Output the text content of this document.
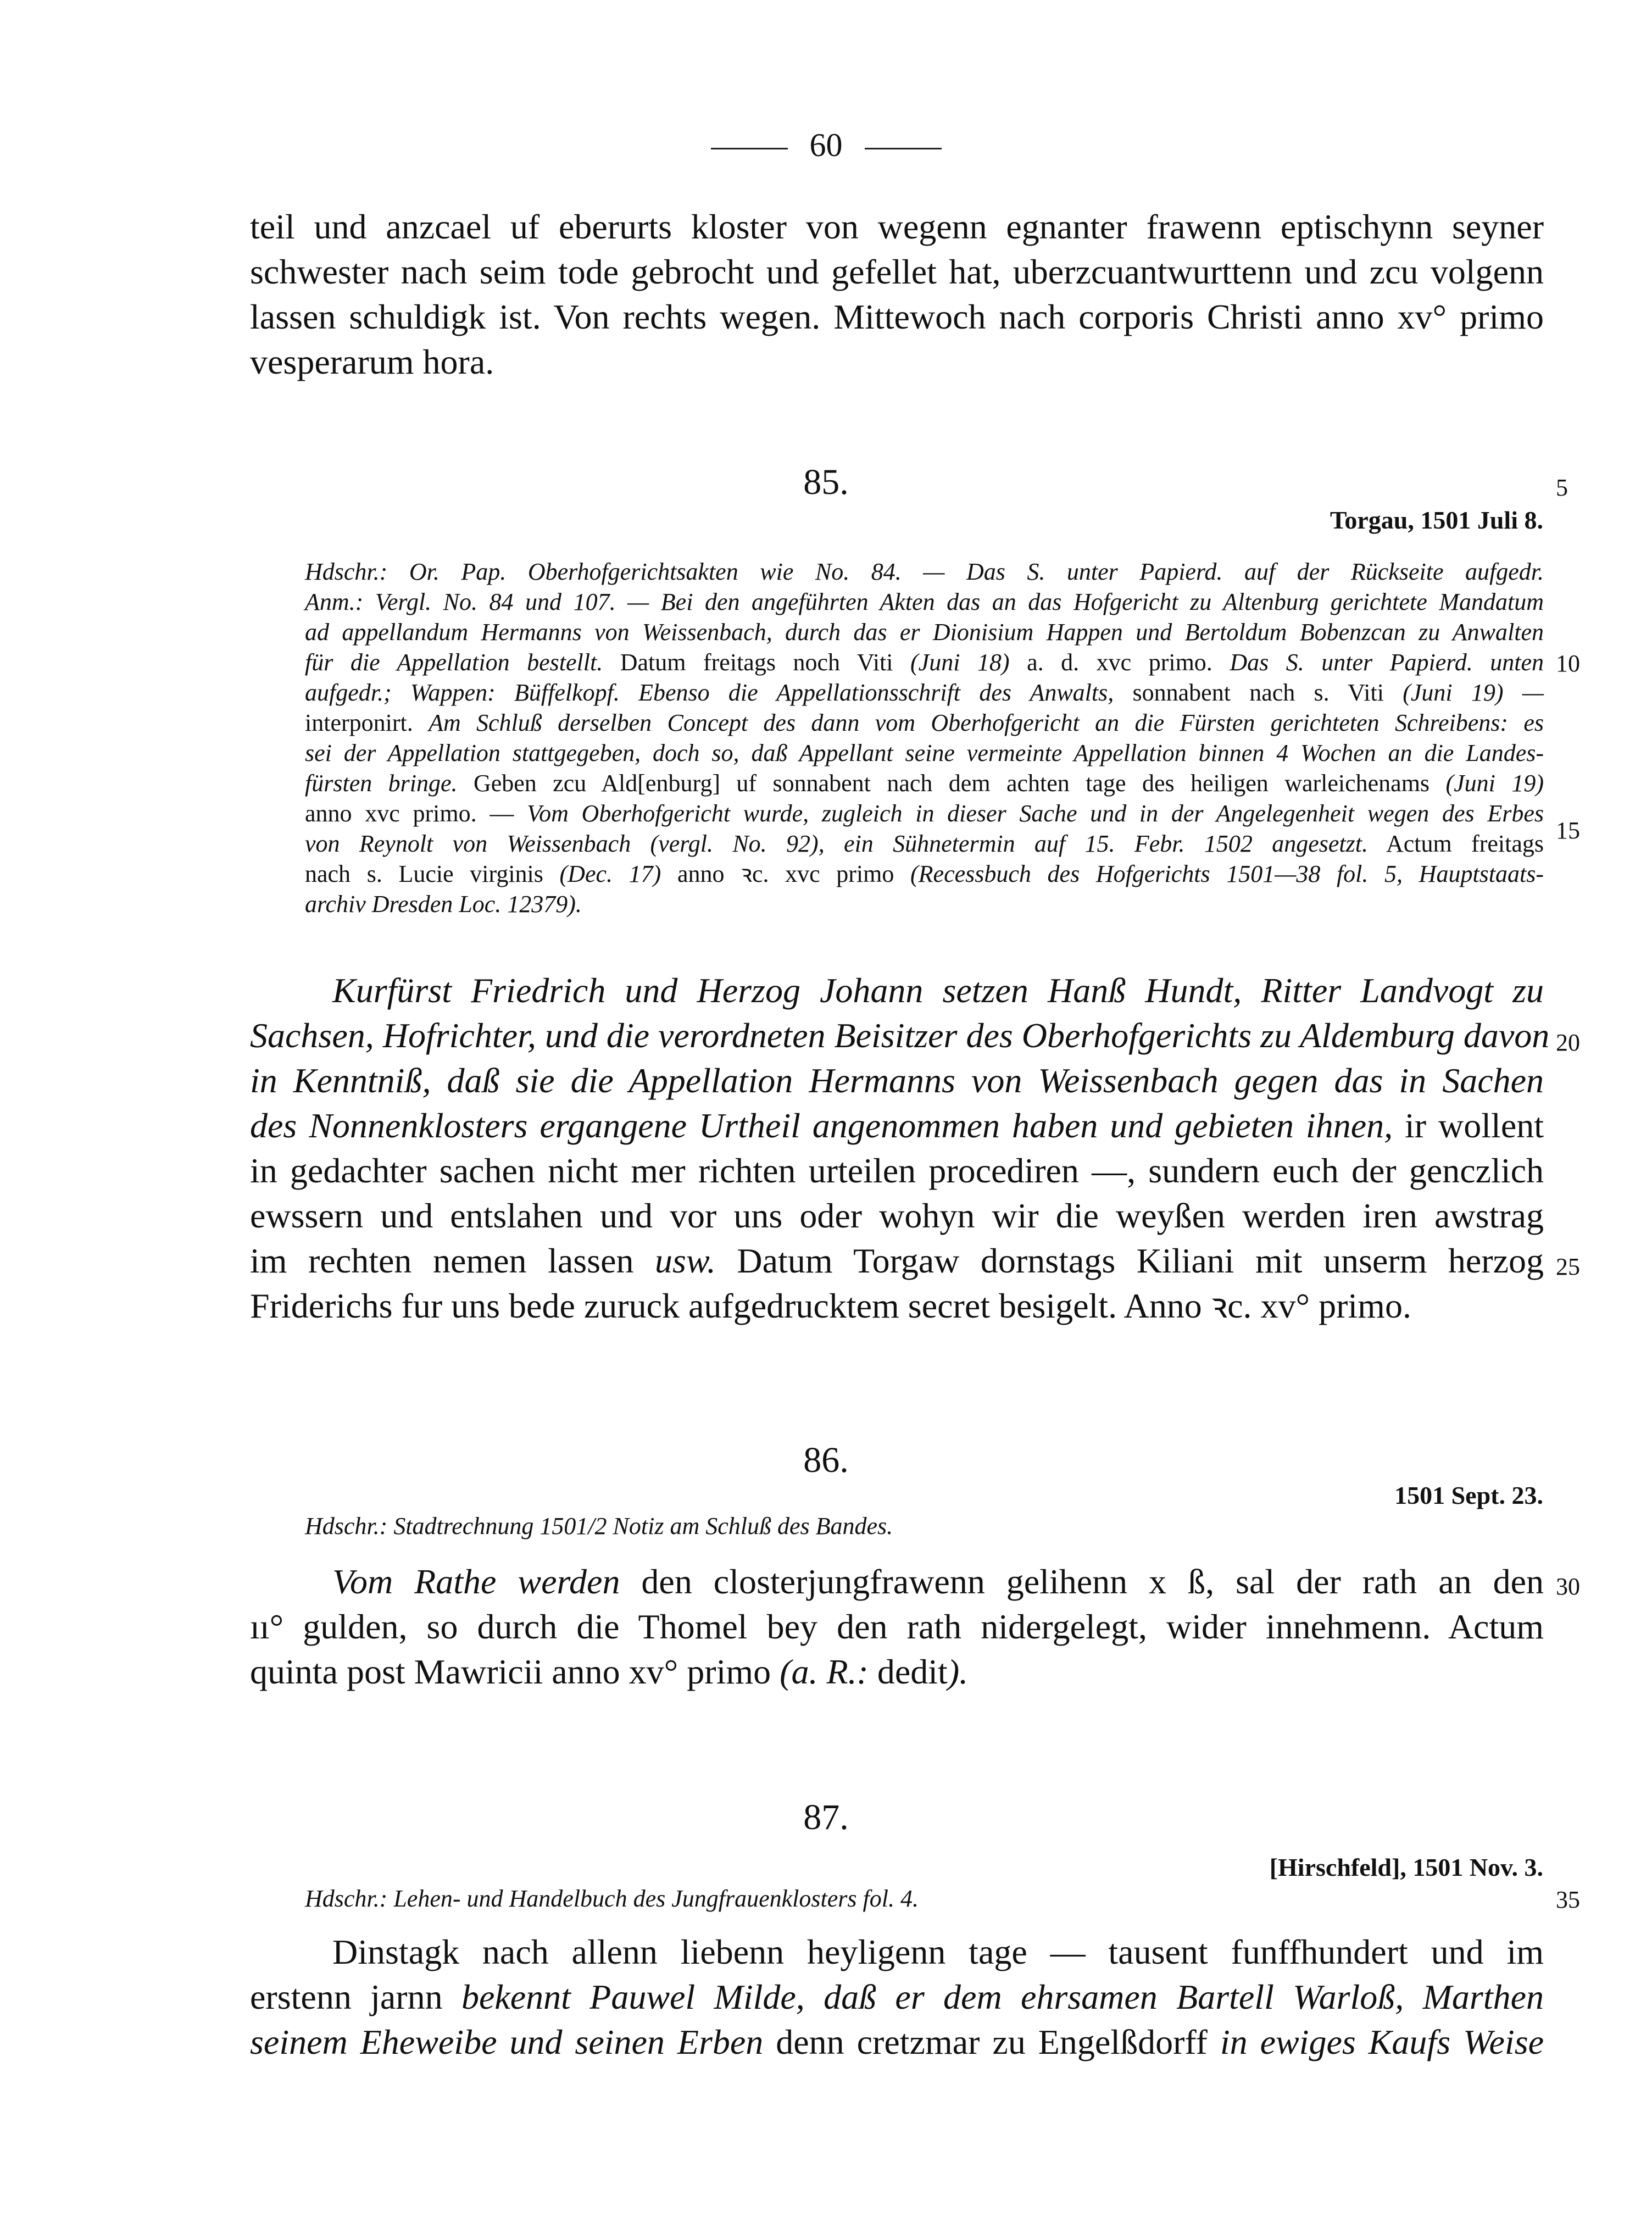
60
teil und anzcael uf eberurts kloster von wegenn egnanter frawenn eptischynn seyner
schwester nach seim tode gebrocht und gefellet hat, uberzcuantwurttenn und zcu volgenn
lassen schuldigk ist. Von rechts wegen. Mittewoch nach corporis Christi anno xv° primo
vesperarum hora.
85.
Torgau, 1501 Juli 8.
Hdschr.: Or. Pap. Oberhofgerichtsakten wie No. 84. — Das S. unter Papierd. auf der Rückseite aufgedr.
Anm.: Vergl. No. 84 und 107. — Bei den angeführten Akten das an das Hofgericht zu Altenburg gerichtete Mandatum
ad appellandum Hermanns von Weissenbach, durch das er Dionisium Happen und Bertoldum Bobenzcan zu Anwalten
für die Appellation bestellt. Datum freitags noch Viti (Juni 18) a. d. xvc primo. Das S. unter Papierd. unten
aufgedr.; Wappen: Büffelkopf. Ebenso die Appellationsschrift des Anwalts, sonnabent nach s. Viti (Juni 19) —
interponirt. Am Schluß derselben Concept des dann vom Oberhofgericht an die Fürsten gerichteten Schreibens: es
sei der Appellation stattgegeben, doch so, daß Appellant seine vermeinte Appellation binnen 4 Wochen an die Landes-
fürsten bringe. Geben zcu Ald[enburg] uf sonnabent nach dem achten tage des heiligen warleichenams (Juni 19)
anno xvc primo. — Vom Oberhofgericht wurde, zugleich in dieser Sache und in der Angelegenheit wegen des Erbes
von Reynolt von Weissenbach (vergl. No. 92), ein Sühnetermin auf 15. Febr. 1502 angesetzt. Actum freitags
nach s. Lucie virginis (Dec. 17) anno ꝛc. xvc primo (Recessbuch des Hofgerichts 1501—38 fol. 5, Hauptstaats-
archiv Dresden Loc. 12379).
Kurfürst Friedrich und Herzog Johann setzen Hanß Hundt, Ritter Landvogt zu
Sachsen, Hofrichter, und die verordneten Beisitzer des Oberhofgerichts zu Aldemburg davon
in Kenntniß, daß sie die Appellation Hermanns von Weissenbach gegen das in Sachen
des Nonnenklosters ergangene Urtheil angenommen haben und gebieten ihnen, ir wollent
in gedachter sachen nicht mer richten urteilen procediren —, sundern euch der genczlich
ewssern und entslahen und vor uns oder wohyn wir die weyßen werden iren awstrag
im rechten nemen lassen usw. Datum Torgaw dornstags Kiliani mit unserm herzog
Friderichs fur uns bede zuruck aufgedrucktem secret besigelt. Anno ꝛc. xv° primo.
86.
1501 Sept. 23.
Hdschr.: Stadtrechnung 1501/2 Notiz am Schluß des Bandes.
Vom Rathe werden den closterjungfrawenn gelihenn x ß, sal der rath an den
ıı° gulden, so durch die Thomel bey den rath nidergelegt, wider innehmenn. Actum
quinta post Mawricii anno xv° primo (a. R.: dedit).
87.
[Hirschfeld], 1501 Nov. 3.
Hdschr.: Lehen- und Handelbuch des Jungfrauenklosters fol. 4.
Dinstagk nach allenn liebenn heyligenn tage — tausent funffhundert und im
erstenn jarnn bekennt Pauwel Milde, daß er dem ehrsamen Bartell Warloß, Marthen
seinem Eheweibe und seinen Erben denn cretzmar zu Engelßdorff in ewiges Kaufs Weise
5
10
15
20
25
30
35
